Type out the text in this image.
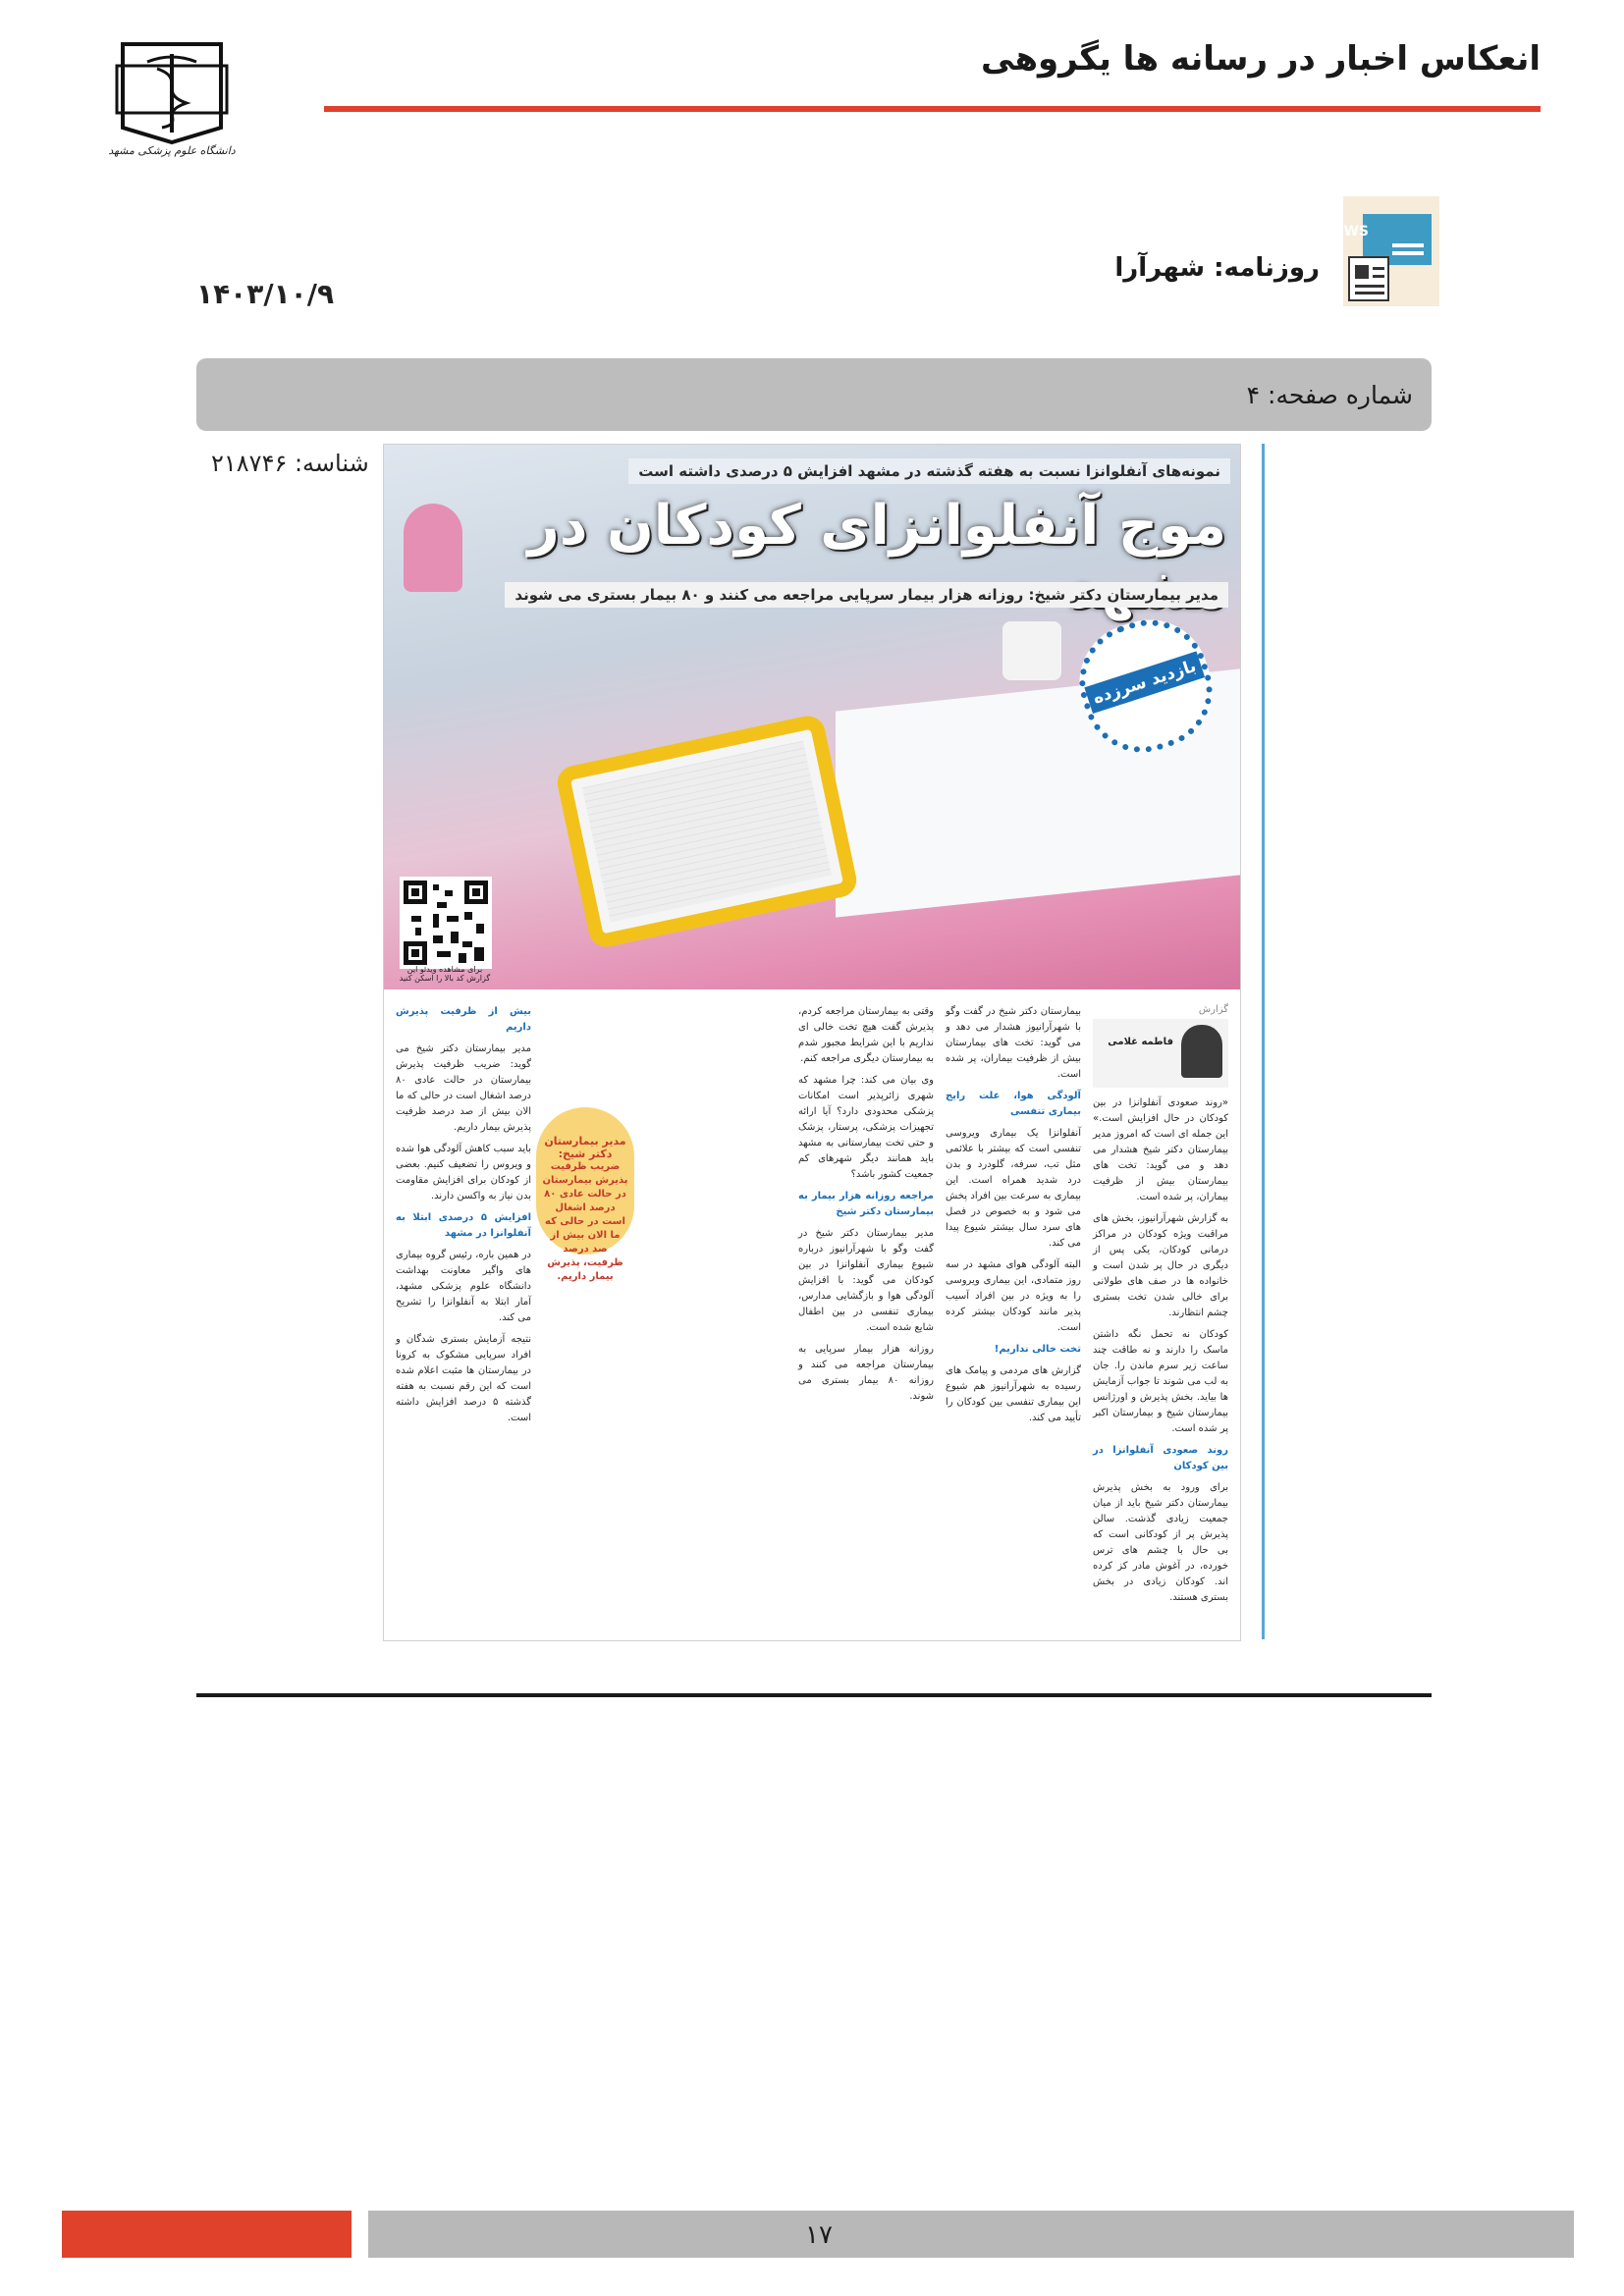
انعکاس اخبار در رسانه ها یگروهی
دانشگاه علوم پزشکی مشهد
NEWS
روزنامه: شهرآرا
۱۴۰۳/۱۰/۹
شماره صفحه: ۴
شناسه: ۲۱۸۷۴۶	نمونه‌های آنفلوانزا نسبت به هفته گذشته در مشهد افزایش ۵ درصدی داشته است
موج آنفلوانزای کودکان در
مدیر بیمارستان دکتر شیخ: روزانه هزار بیمار سرپایی مراجعه می کنند و ۸۰ بیمار بستری می شوند
بازدید سرزده
برای مشاهده ویدئو این گزارش کد بالا را اسکن کنید
گزارش
فاطمه غلامی

«روند صعودی آنفلوانزا در بین کودکان در حال افزایش است.» این جمله ای است که امروز مدیر بیمارستان دکتر شیخ هشدار می دهد و می گوید: تخت های بیمارستان بیش از ظرفیت بیماران، پر شده است.

به گزارش شهرآرانیوز، بخش های مراقبت ویژه کودکان در مراکز درمانی کودکان، یکی پس از دیگری در حال پر شدن است و خانواده ها در صف های طولانی برای خالی شدن تخت بستری چشم انتظارند.

کودکان نه تحمل نگه داشتن ماسک را دارند و نه طاقت چند ساعت زیر سرم ماندن را. جان به لب می شوند تا جواب آزمایش ها بیاید. بخش پذیرش و اورژانس بیمارستان شیخ و بیمارستان اکبر پر شده است.

روند صعودی آنفلوانزا در بین کودکان

برای ورود به بخش پذیرش بیمارستان دکتر شیخ باید از میان جمعیت زیادی گذشت. سالن پذیرش پر از کودکانی است که بی حال با چشم های ترس خورده، در آغوش مادر کز کرده اند. کودکان زیادی در بخش بستری هستند.

بیمارستان دکتر شیخ در گفت وگو با شهرآرانیوز هشدار می دهد و می گوید: تخت های بیمارستان بیش از ظرفیت بیماران، پر شده است.

آلودگی هوا، علت رایج بیماری تنفسی

آنفلوانزا یک بیماری ویروسی تنفسی است که بیشتر با علائمی مثل تب، سرفه، گلودرد و بدن درد شدید همراه است. این بیماری به سرعت بین افراد پخش می شود و به خصوص در فصل های سرد سال بیشتر شیوع پیدا می کند.

البته آلودگی هوای مشهد در سه روز متمادی، این بیماری ویروسی را به ویژه در بین افراد آسیب پذیر مانند کودکان بیشتر کرده است.

تخت خالی نداریم!

گزارش های مردمی و پیامک های رسیده به شهرآرانیوز هم شیوع این بیماری تنفسی بین کودکان را تأیید می کند.

وقتی به بیمارستان مراجعه کردم، پذیرش گفت هیچ تخت خالی ای نداریم با این شرایط مجبور شدم به بیمارستان دیگری مراجعه کنم.

وی بیان می کند: چرا مشهد که شهری زائرپذیر است امکانات پزشکی محدودی دارد؟ آیا ارائه تجهیزات پزشکی، پرستار، پزشک و حتی تخت بیمارستانی به مشهد باید همانند دیگر شهرهای کم جمعیت کشور باشد؟

مراجعه روزانه هزار بیمار به بیمارستان دکتر شیخ

مدیر بیمارستان دکتر شیخ در گفت وگو با شهرآرانیوز درباره شیوع بیماری آنفلوانزا در بین کودکان می گوید: با افزایش آلودگی هوا و بازگشایی مدارس، بیماری تنفسی در بین اطفال شایع شده است.

روزانه هزار بیمار سرپایی به بیمارستان مراجعه می کنند و روزانه ۸۰ بیمار بستری می شوند.

مدیر بیمارستان دکتر شیخ:
ضریب ظرفیت پذیرش بیمارستان در حالت عادی ۸۰ درصد اشغال است در حالی که ما الان بیش از صد درصد ظرفیت، پذیرش بیمار داریم.

بیش از ظرفیت پذیرش داریم

مدیر بیمارستان دکتر شیخ می گوید: ضریب ظرفیت پذیرش بیمارستان در حالت عادی ۸۰ درصد اشغال است در حالی که ما الان بیش از صد درصد ظرفیت پذیرش بیمار داریم.

باید سبب کاهش آلودگی هوا شده و ویروس را تضعیف کنیم. بعضی از کودکان برای افزایش مقاومت بدن نیاز به واکسن دارند.

افزایش ۵ درصدی ابتلا به آنفلوانزا در مشهد

در همین باره، رئیس گروه بیماری های واگیر معاونت بهداشت دانشگاه علوم پزشکی مشهد، آمار ابتلا به آنفلوانزا را تشریح می کند.

نتیجه آزمایش بستری شدگان و افراد سرپایی مشکوک به کرونا در بیمارستان ها مثبت اعلام شده است که این رقم نسبت به هفته گذشته ۵ درصد افزایش داشته است.

۱۷
